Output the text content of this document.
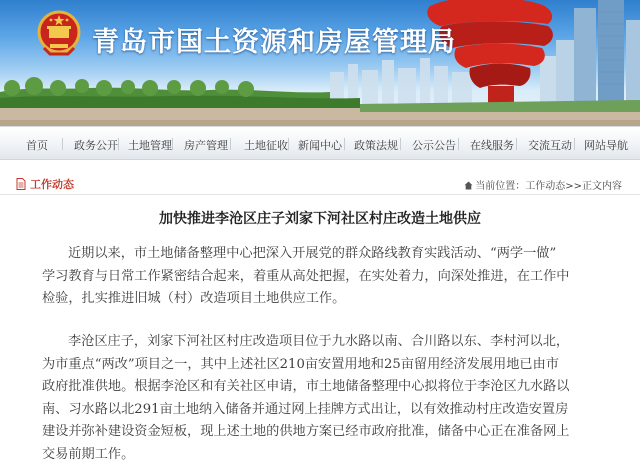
青岛市国土资源和房屋管理局
首页 政务公开 土地管理 房产管理 土地征收 新闻中心 政策法规 公示公告 在线服务 交流互动 网站导航
工作动态	当前位置：工作动态>>正文内容
加快推进李沧区庄子刘家下河社区村庄改造土地供应
近期以来，市土地储备整理中心把深入开展党的群众路线教育实践活动、“两学一做”
学习教育与日常工作紧密结合起来，着重从高处把握，在实处着力，向深处推进，在工作中
检验，扎实推进旧城（村）改造项目土地供应工作。
李沧区庄子，刘家下河社区村庄改造项目位于九水路以南、合川路以东、李村河以北，
为市重点“两改”项目之一，其中上述社区210亩安置用地和25亩留用经济发展用地已由市
政府批准供地。根据李沧区和有关社区申请，市土地储备整理中心拟将位于李沧区九水路以
南、习水路以北291亩土地纳入储备并通过网上挂牌方式出让，以有效推动村庄改造安置房
建设并弥补建设资金短板，现上述土地的供地方案已经市政府批准，储备中心正在准备网上
交易前期工作。
